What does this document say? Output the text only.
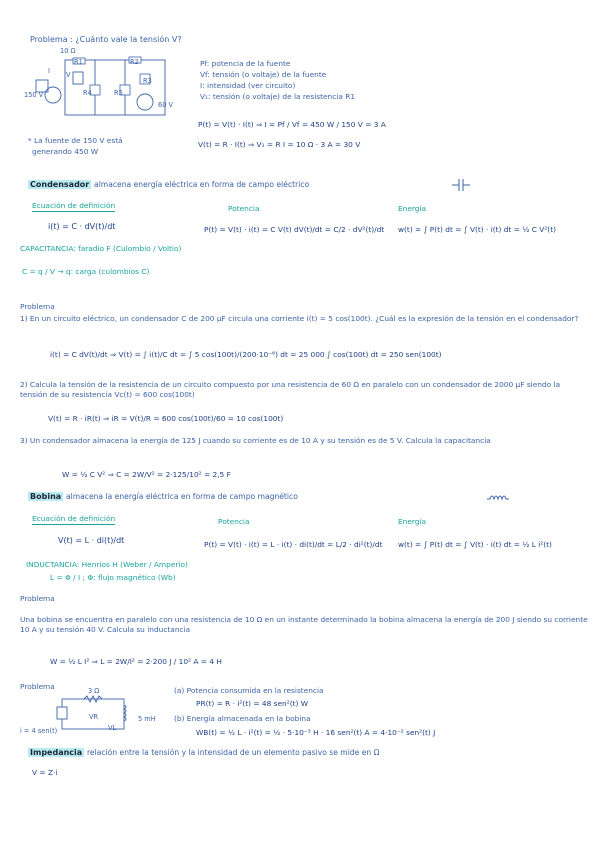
Problema : ¿Cuánto vale la tensión V?
10 Ω
R1	R2
R4	R5
R3
150 V
60 V
I V
Pf: potencia de la fuente
Vf: tensión (o voltaje) de la fuente
I: intensidad (ver circuito)
V₁: tensión (o voltaje) de la resistencia R1
P(t) = V(t) · I(t) ⇒ I = Pf / Vf = 450 W / 150 V = 3 A
V(t) = R · I(t) ⇒ V₁ = R I = 10 Ω · 3 A = 30 V
* La fuente de 150 V está
generando 450 W
Condensador almacena energía eléctrica en forma de campo eléctrico
Ecuación de definición
i(t) = C · dV(t)/dt
Potencia
P(t) = V(t) · i(t) = C V(t) dV(t)/dt = C/2 · dV²(t)/dt
Energía
w(t) = ∫ P(t) dt = ∫ V(t) · i(t) dt = ½ C V²(t)
CAPACITANCIA: faradio F (Culombio / Voltio)
C = q / V → q: carga (culombios C)
Problema
1) En un circuito eléctrico, un condensador C de 200 μF circula una corriente i(t) = 5 cos(100t). ¿Cuál es la expresión de la tensión en el condensador?
i(t) = C dV(t)/dt ⇒ V(t) = ∫ i(t)/C dt = ∫ 5 cos(100t)/(200·10⁻⁶) dt = 25 000 ∫ cos(100t) dt = 250 sen(100t)
2) Calcula la tensión de la resistencia de un circuito compuesto por una resistencia de 60 Ω en paralelo con un condensador de 2000 μF siendo la tensión de su resistencia Vc(t) = 600 cos(100t)
V(t) = R · iR(t) ⇒ iR = V(t)/R = 600 cos(100t)/60 = 10 cos(100t)
3) Un condensador almacena la energía de 125 J cuando su corriente es de 10 A y su tensión es de 5 V. Calcula la capacitancia
W = ½ C V² ⇒ C = 2W/V² = 2·125/10² = 2,5 F
Bobina almacena la energía eléctrica en forma de campo magnético
Ecuación de definición
V(t) = L · di(t)/dt
Potencia
P(t) = V(t) · i(t) = L · i(t) · di(t)/dt = L/2 · di²(t)/dt
Energía
w(t) = ∫ P(t) dt = ∫ V(t) · i(t) dt = ½ L i²(t)
INDUCTANCIA: Henrios H (Weber / Amperio)
L = Φ / I ; Φ: flujo magnético (Wb)
Problema
Una bobina se encuentra en paralelo con una resistencia de 10 Ω en un instante determinado la bobina almacena la energía de 200 J siendo su corriente 10 A y su tensión 40 V. Calcula su inductancia
W = ½ L I² ⇒ L = 2W/I² = 2·200 J / 10² A = 4 H
Problema	3 Ω
5 mH
i = 4 sen(t)
VR
VL
(a) Potencia consumida en la resistencia
PR(t) = R · i²(t) = 48 sen²(t) W
(b) Energía almacenada en la bobina
WB(t) = ½ L · i²(t) = ½ · 5·10⁻³ H · 16 sen²(t) A = 4·10⁻² sen²(t) J
Impedancia relación entre la tensión y la intensidad de un elemento pasivo se mide en Ω
V = Z·i
